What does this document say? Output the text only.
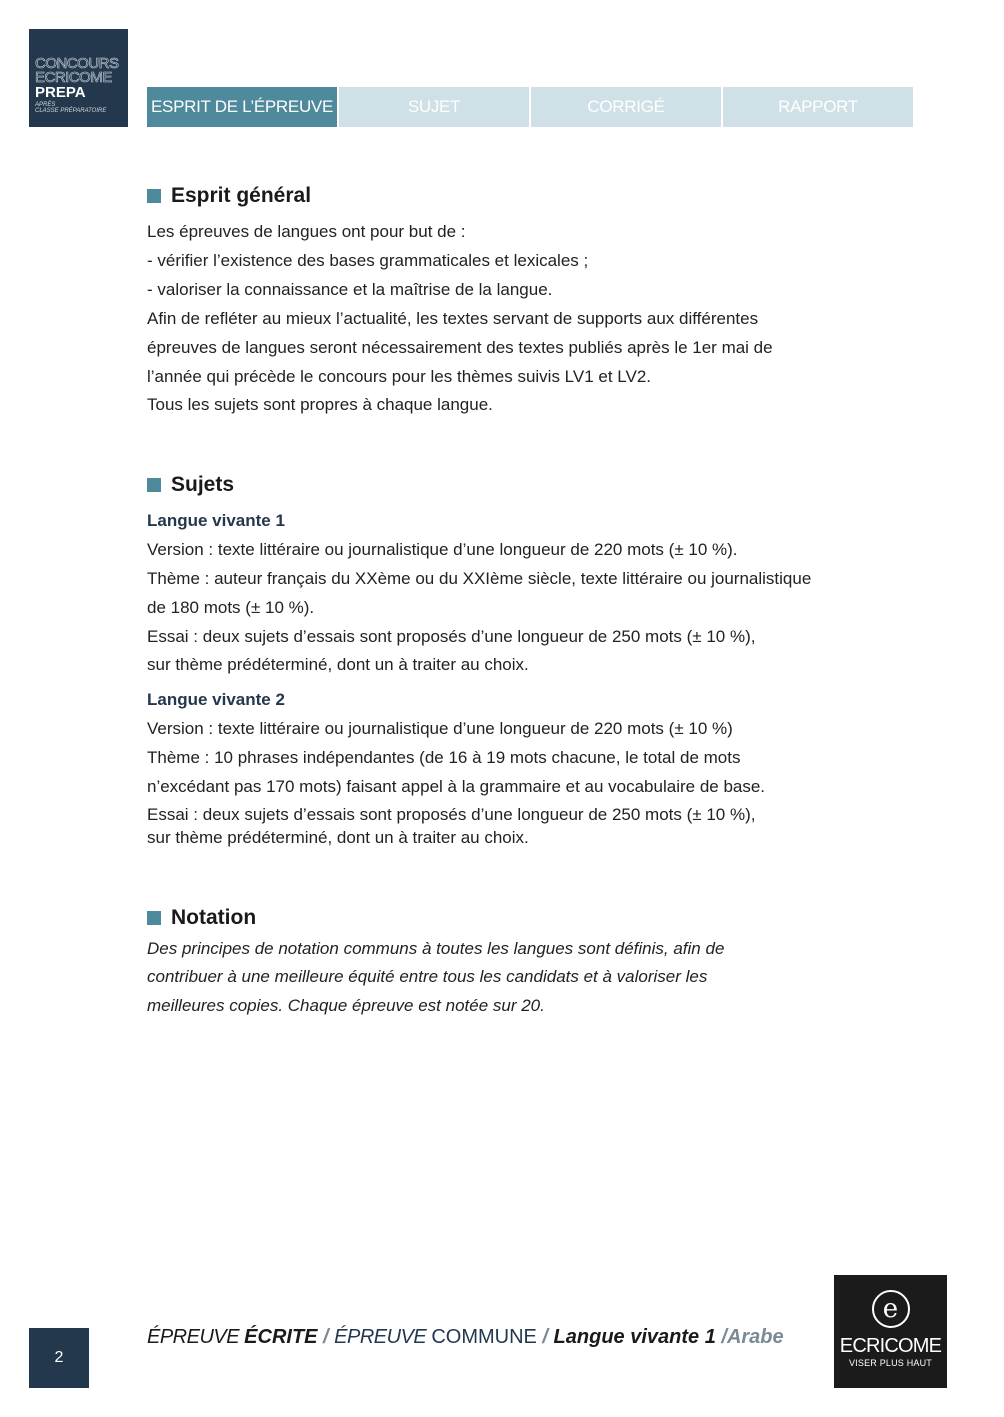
CONCOURS
ECRICOME
PREPA
APRÈS
CLASSE PRÉPARATOIRE	ESPRIT DE L’ÉPREUVE	SUJET	CORRIGÉ	RAPPORT
Esprit général
Les épreuves de langues ont pour but de :
- vérifier l’existence des bases grammaticales et lexicales ;
- valoriser la connaissance et la maîtrise de la langue.
Afin de refléter au mieux l’actualité, les textes servant de supports aux différentes
épreuves de langues seront nécessairement des textes publiés après le 1er mai de
l’année qui précède le concours pour les thèmes suivis LV1 et LV2.
Tous les sujets sont propres à chaque langue.
Sujets
Langue vivante 1
Version : texte littéraire ou journalistique d’une longueur de 220 mots (± 10 %).
Thème : auteur français du XXème ou du XXIème siècle, texte littéraire ou journalistique
de 180 mots (± 10 %).
Essai : deux sujets d’essais sont proposés d’une longueur de 250 mots (± 10 %),
sur thème prédéterminé, dont un à traiter au choix.
Langue vivante 2
Version : texte littéraire ou journalistique d’une longueur de 220 mots (± 10 %)
Thème : 10 phrases indépendantes (de 16 à 19 mots chacune, le total de mots
n’excédant pas 170 mots) faisant appel à la grammaire et au vocabulaire de base.
Essai : deux sujets d’essais sont proposés d’une longueur de 250 mots (± 10 %),
sur thème prédéterminé, dont un à traiter au choix.
Notation
Des principes de notation communs à toutes les langues sont définis, afin de
contribuer à une meilleure équité entre tous les candidats et à valoriser les
meilleures copies. Chaque épreuve est notée sur 20.
2
ÉPREUVE ÉCRITE / ÉPREUVE COMMUNE / Langue vivante 1 /Arabe
e
ECRICOME
VISER PLUS HAUT
